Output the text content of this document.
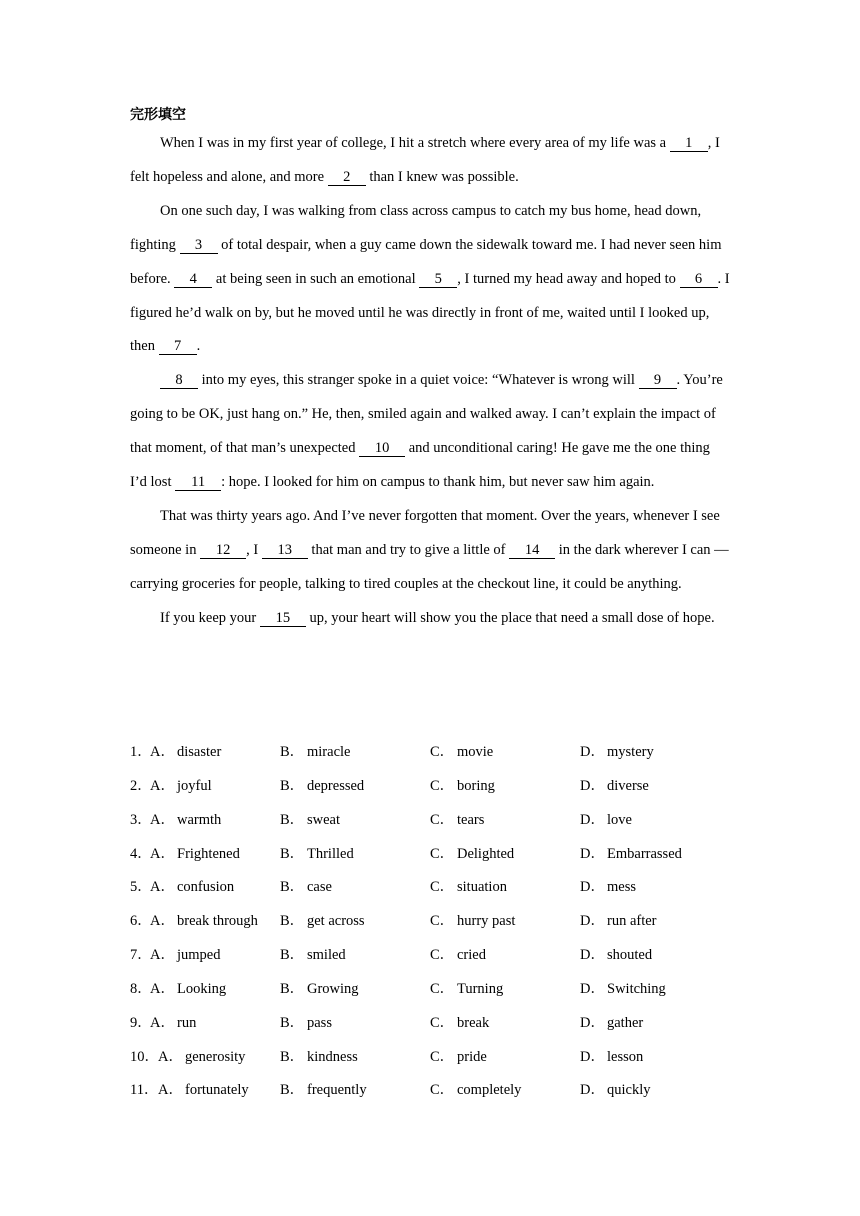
完形填空

When I was in my first year of college, I hit a stretch where every area of my life was a 1 , I felt hopeless and alone, and more 2 than I knew was possible.

On one such day, I was walking from class across campus to catch my bus home, head down, fighting 3 of total despair, when a guy came down the sidewalk toward me. I had never seen him before. 4 at being seen in such an emotional 5 , I turned my head away and hoped to 6 . I figured he’d walk on by, but he moved until he was directly in front of me, waited until I looked up, then 7 .

8 into my eyes, this stranger spoke in a quiet voice: “Whatever is wrong will 9 . You’re going to be OK, just hang on.” He, then, smiled again and walked away. I can’t explain the impact of that moment, of that man’s unexpected 10 and unconditional caring! He gave me the one thing I’d lost 11 : hope. I looked for him on campus to thank him, but never saw him again.

That was thirty years ago. And I’ve never forgotten that moment. Over the years, whenever I see someone in 12 , I 13 that man and try to give a little of 14 in the dark wherever I can — carrying groceries for people, talking to tired couples at the checkout line, it could be anything.

If you keep your 15 up, your heart will show you the place that need a small dose of hope.

1．
A． disaster	B． miracle	C． movie	D． mystery
2．
A． joyful	B． depressed	C． boring	D． diverse
3．
A． warmth	B． sweat	C． tears	D． love
4．
A． Frightened	B． Thrilled	C． Delighted	D． Embarrassed
5．
A． confusion	B． case	C． situation	D． mess
6．
A． break through B． get across	C． hurry past	D． run after
7．
A． jumped	B． smiled	C． cried	D． shouted
8．
A． Looking	B． Growing	C． Turning	D． Switching
9．
A． run	B． pass	C． break	D． gather
10． A． generosity B． kindness	C． pride	D． lesson
11． A． fortunately B． frequently	C． completely	D． quickly
